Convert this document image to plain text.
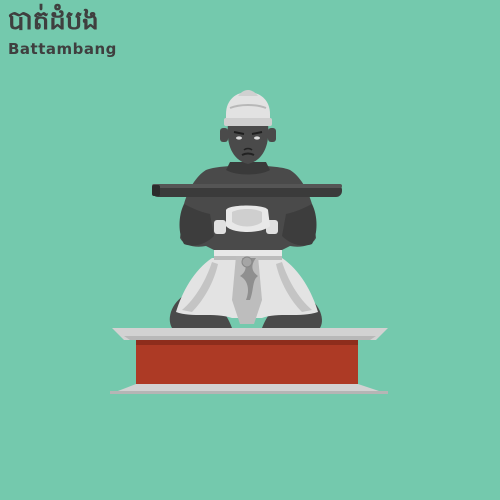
បាត់ដំបង
Battambang
